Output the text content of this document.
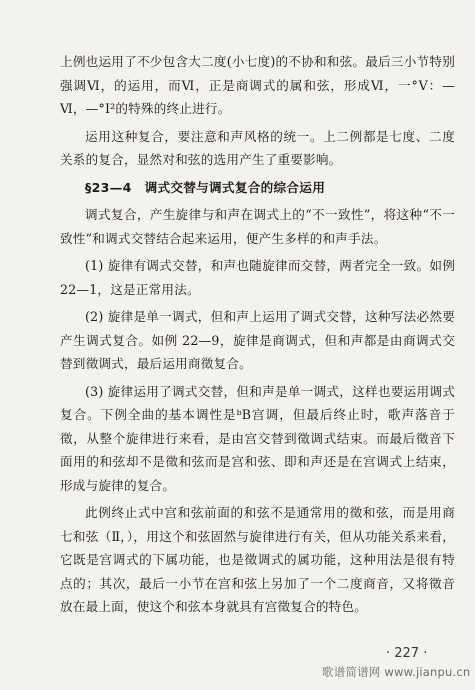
上例也运用了不少包含大二度(小七度)的不协和和弦。最后三小节特别强调Ⅵ，的运用，而Ⅵ，正是商调式的属和弦，形成Ⅵ，一°Ⅴ：—Ⅵ，—°Ⅰ²的特殊的终止进行。

运用这种复合，要注意和声风格的统一。上二例都是七度、二度关系的复合，显然对和弦的选用产生了重要影响。

§23—4　调式交替与调式复合的综合运用

调式复合，产生旋律与和声在调式上的“不一致性”，将这种“不一致性”和调式交替结合起来运用，便产生多样的和声手法。

(1) 旋律有调式交替，和声也随旋律而交替，两者完全一致。如例22—1，这是正常用法。

(2) 旋律是单一调式，但和声上运用了调式交替，这种写法必然要产生调式复合。如例 22—9，旋律是商调式，但和声都是由商调式交替到徵调式，最后运用商徵复合。

(3) 旋律运用了调式交替，但和声是单一调式，这样也要运用调式复合。下例全曲的基本调性是ᵇB宫调，但最后终止时，歌声落音于徵，从整个旋律进行来看，是由宫交替到徵调式结束。而最后徵音下面用的和弦却不是徵和弦而是宫和弦、即和声还是在宫调式上结束，形成与旋律的复合。

此例终止式中宫和弦前面的和弦不是通常用的徵和弦，而是用商七和弦（Ⅱ，），用这个和弦固然与旋律进行有关，但从功能关系来看，它既是宫调式的下属功能，也是徵调式的属功能，这种用法是很有特点的；其次，最后一小节在宫和弦上另加了一个二度商音，又将徵音放在最上面，使这个和弦本身就具有宫徵复合的特色。

· 227 ·
歌谱简谱网 www.jianpu.cn
